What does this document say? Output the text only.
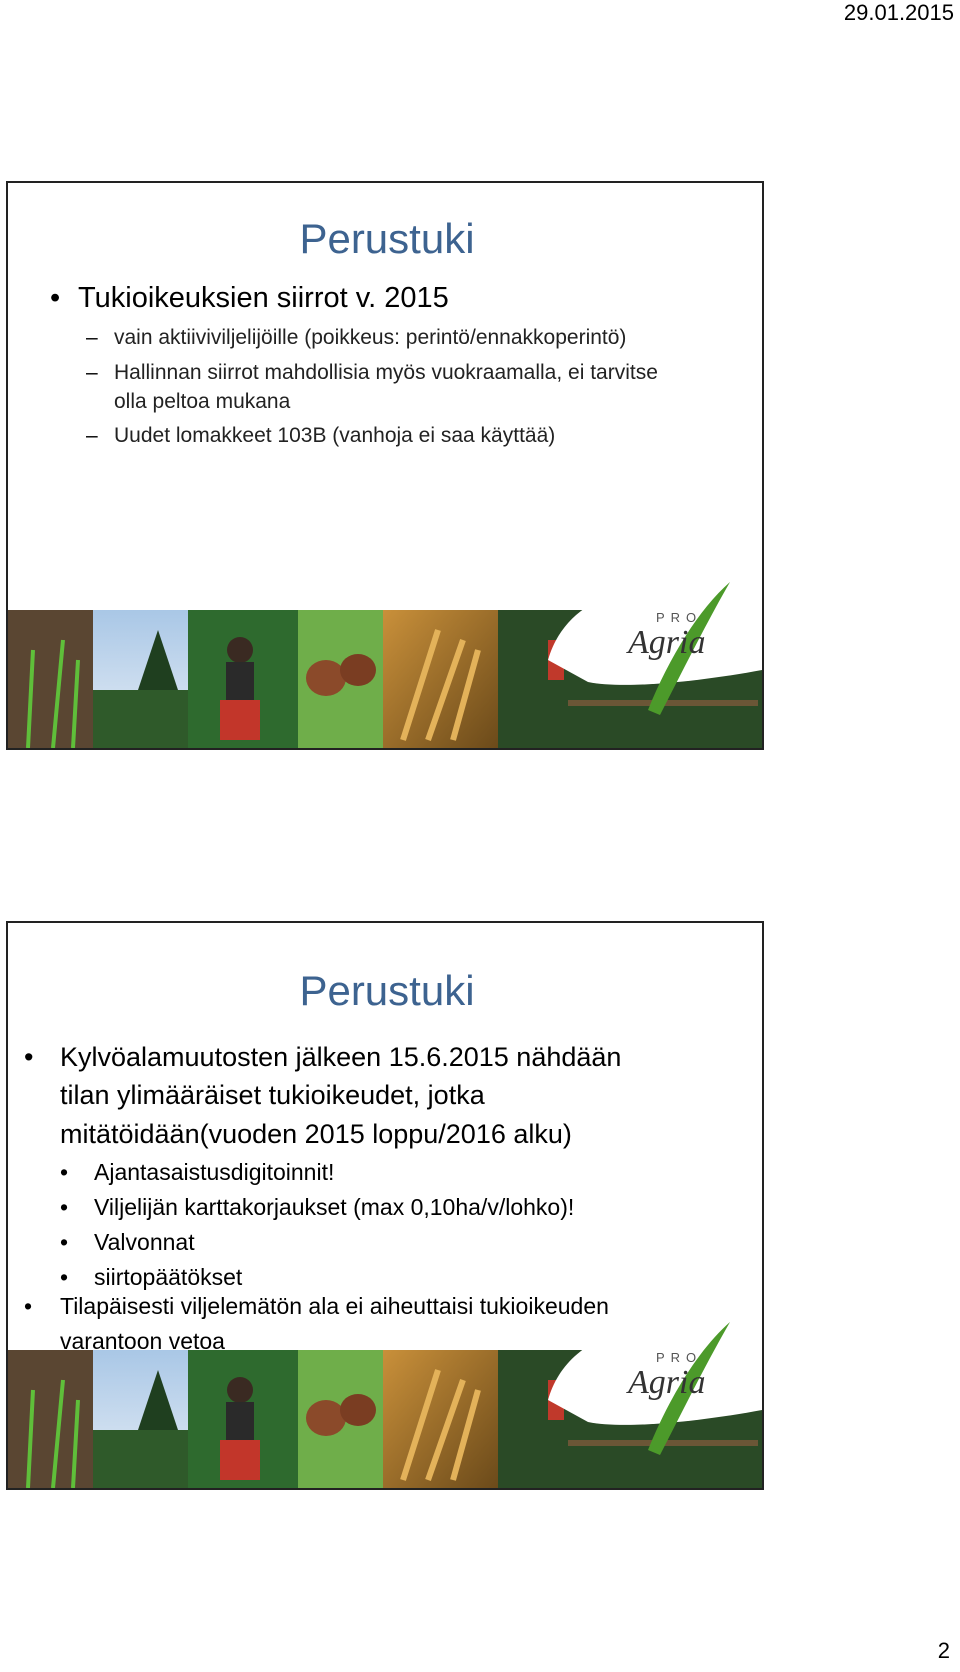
29.01.2015
Perustuki
• Tukioikeuksien siirrot v. 2015
– vain aktiiviviljelijöille (poikkeus: perintö/ennakkoperintö)
– Hallinnan siirrot mahdollisia myös vuokraamalla, ei tarvitse
olla peltoa mukana
– Uudet lomakkeet 103B (vanhoja ei saa käyttää)
PRO
Agria
Perustuki
• Kylvöalamuutosten jälkeen 15.6.2015 nähdään
tilan ylimääräiset tukioikeudet, jotka
mitätöidään(vuoden 2015 loppu/2016 alku)
• Ajantasaistusdigitoinnit!
• Viljelijän karttakorjaukset (max 0,10ha/v/lohko)!
• Valvonnat
• siirtopäätökset
PRO
Agria
• Tilapäisesti viljelemätön ala ei aiheuttaisi tukioikeuden
varantoon vetoa
2
